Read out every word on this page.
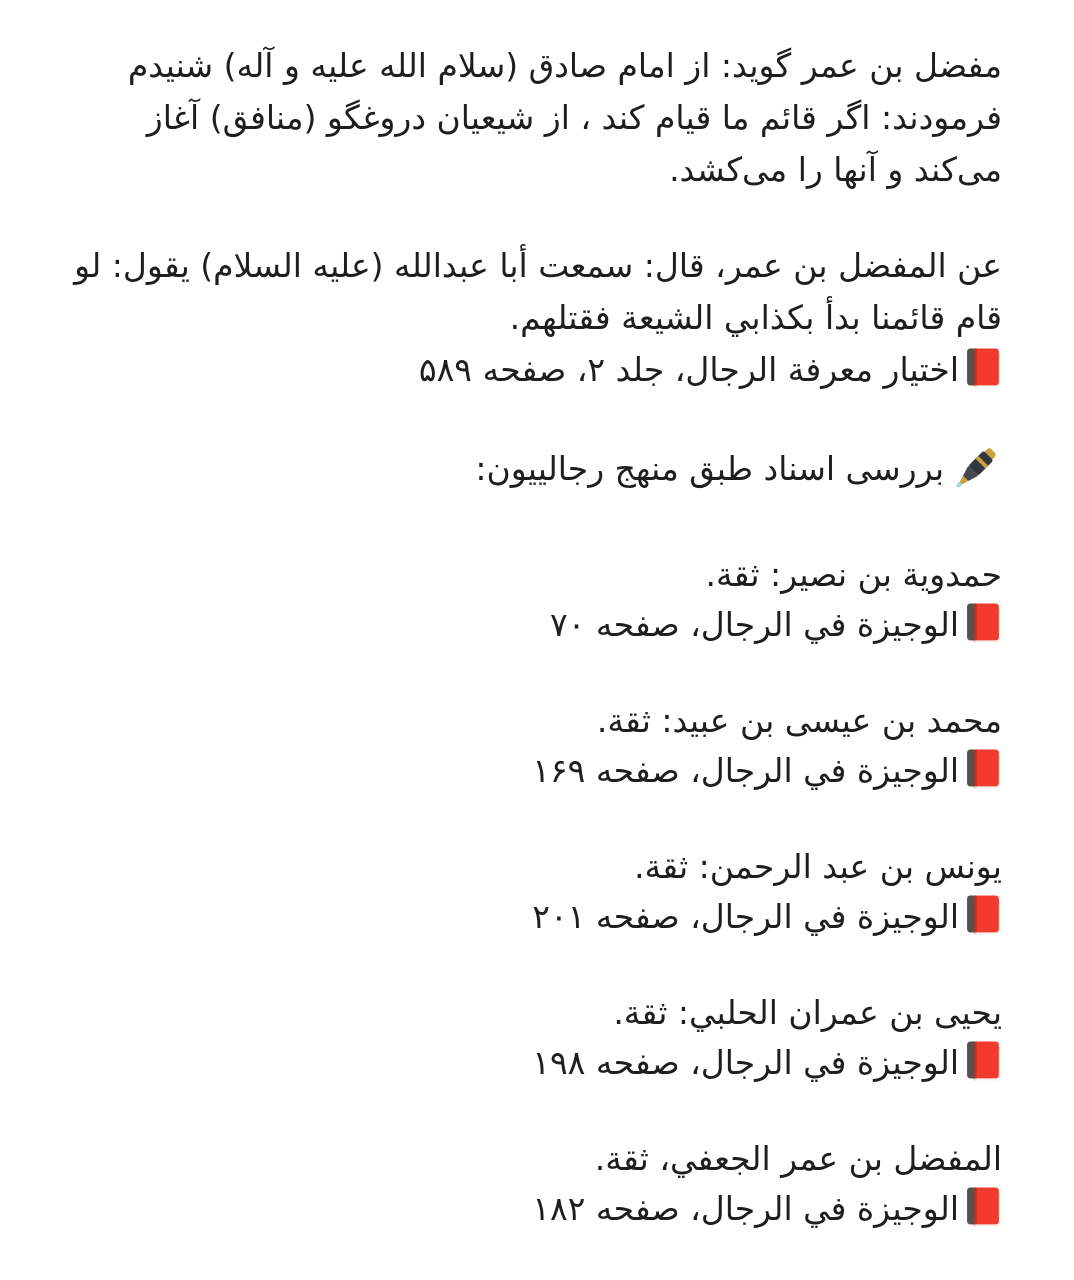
مفضل بن عمر گوید: از امام صادق (سلام الله علیه و آله) شنیدم فرمودند: اگر قائم ما قیام کند ، از شیعیان دروغگو (منافق) آغاز می‌کند و آنها را می‌کشد.

عن المفضل بن عمر، قال: سمعت أبا عبدالله (عليه السلام) يقول: لو قام قائمنا بدأ بكذابي الشيعة فقتلهم.

اختیار معرفة الرجال، جلد ۲، صفحه ۵۸۹

بررسی اسناد طبق منهج رجالییون:

حمدویة بن نصیر: ثقة.

الوجیزة في الرجال، صفحه ۷۰

محمد بن عیسی بن عبید: ثقة.

الوجیزة في الرجال، صفحه ۱۶۹

یونس بن عبد الرحمن: ثقة.

الوجیزة في الرجال، صفحه ۲۰۱

یحیی بن عمران الحلبي: ثقة.

الوجیزة في الرجال، صفحه ۱۹۸

المفضل بن عمر الجعفي، ثقة.

الوجیزة في الرجال، صفحه ۱۸۲
